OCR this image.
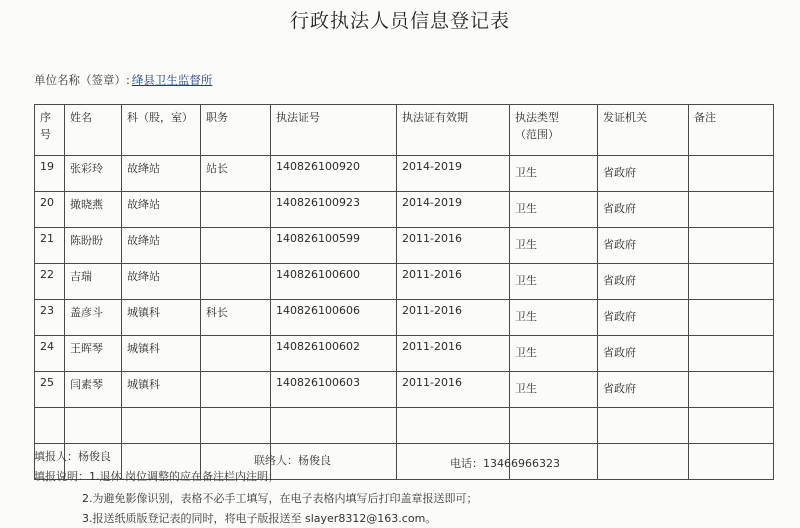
行政执法人员信息登记表
单位名称（签章）: 绛县卫生监督所
序号	姓名	科（股，室）	职务	执法证号	执法证有效期	执法类型（范围）	发证机关	备注
19	张彩玲	故绛站	站长	140826100920	2014-2019	卫生	省政府	
20	撖晓燕	故绛站		140826100923	2014-2019	卫生	省政府	
21	陈盼盼	故绛站		140826100599	2011-2016	卫生	省政府	
22	吉瑞	故绛站		140826100600	2011-2016	卫生	省政府	
23	盖彦斗	城镇科	科长	140826100606	2011-2016	卫生	省政府	
24	王晖琴	城镇科		140826100602	2011-2016	卫生	省政府	
25	闫素琴	城镇科		140826100603	2011-2016	卫生	省政府	

填报人：杨俊良	联络人：杨俊良	电话：13466966323
填报说明：1.退休.岗位调整的应在备注栏内注明；
2.为避免影像识别，表格不必手工填写，在电子表格内填写后打印盖章报送即可；
3.报送纸质版登记表的同时，将电子版报送至 slayer8312@163.com。
